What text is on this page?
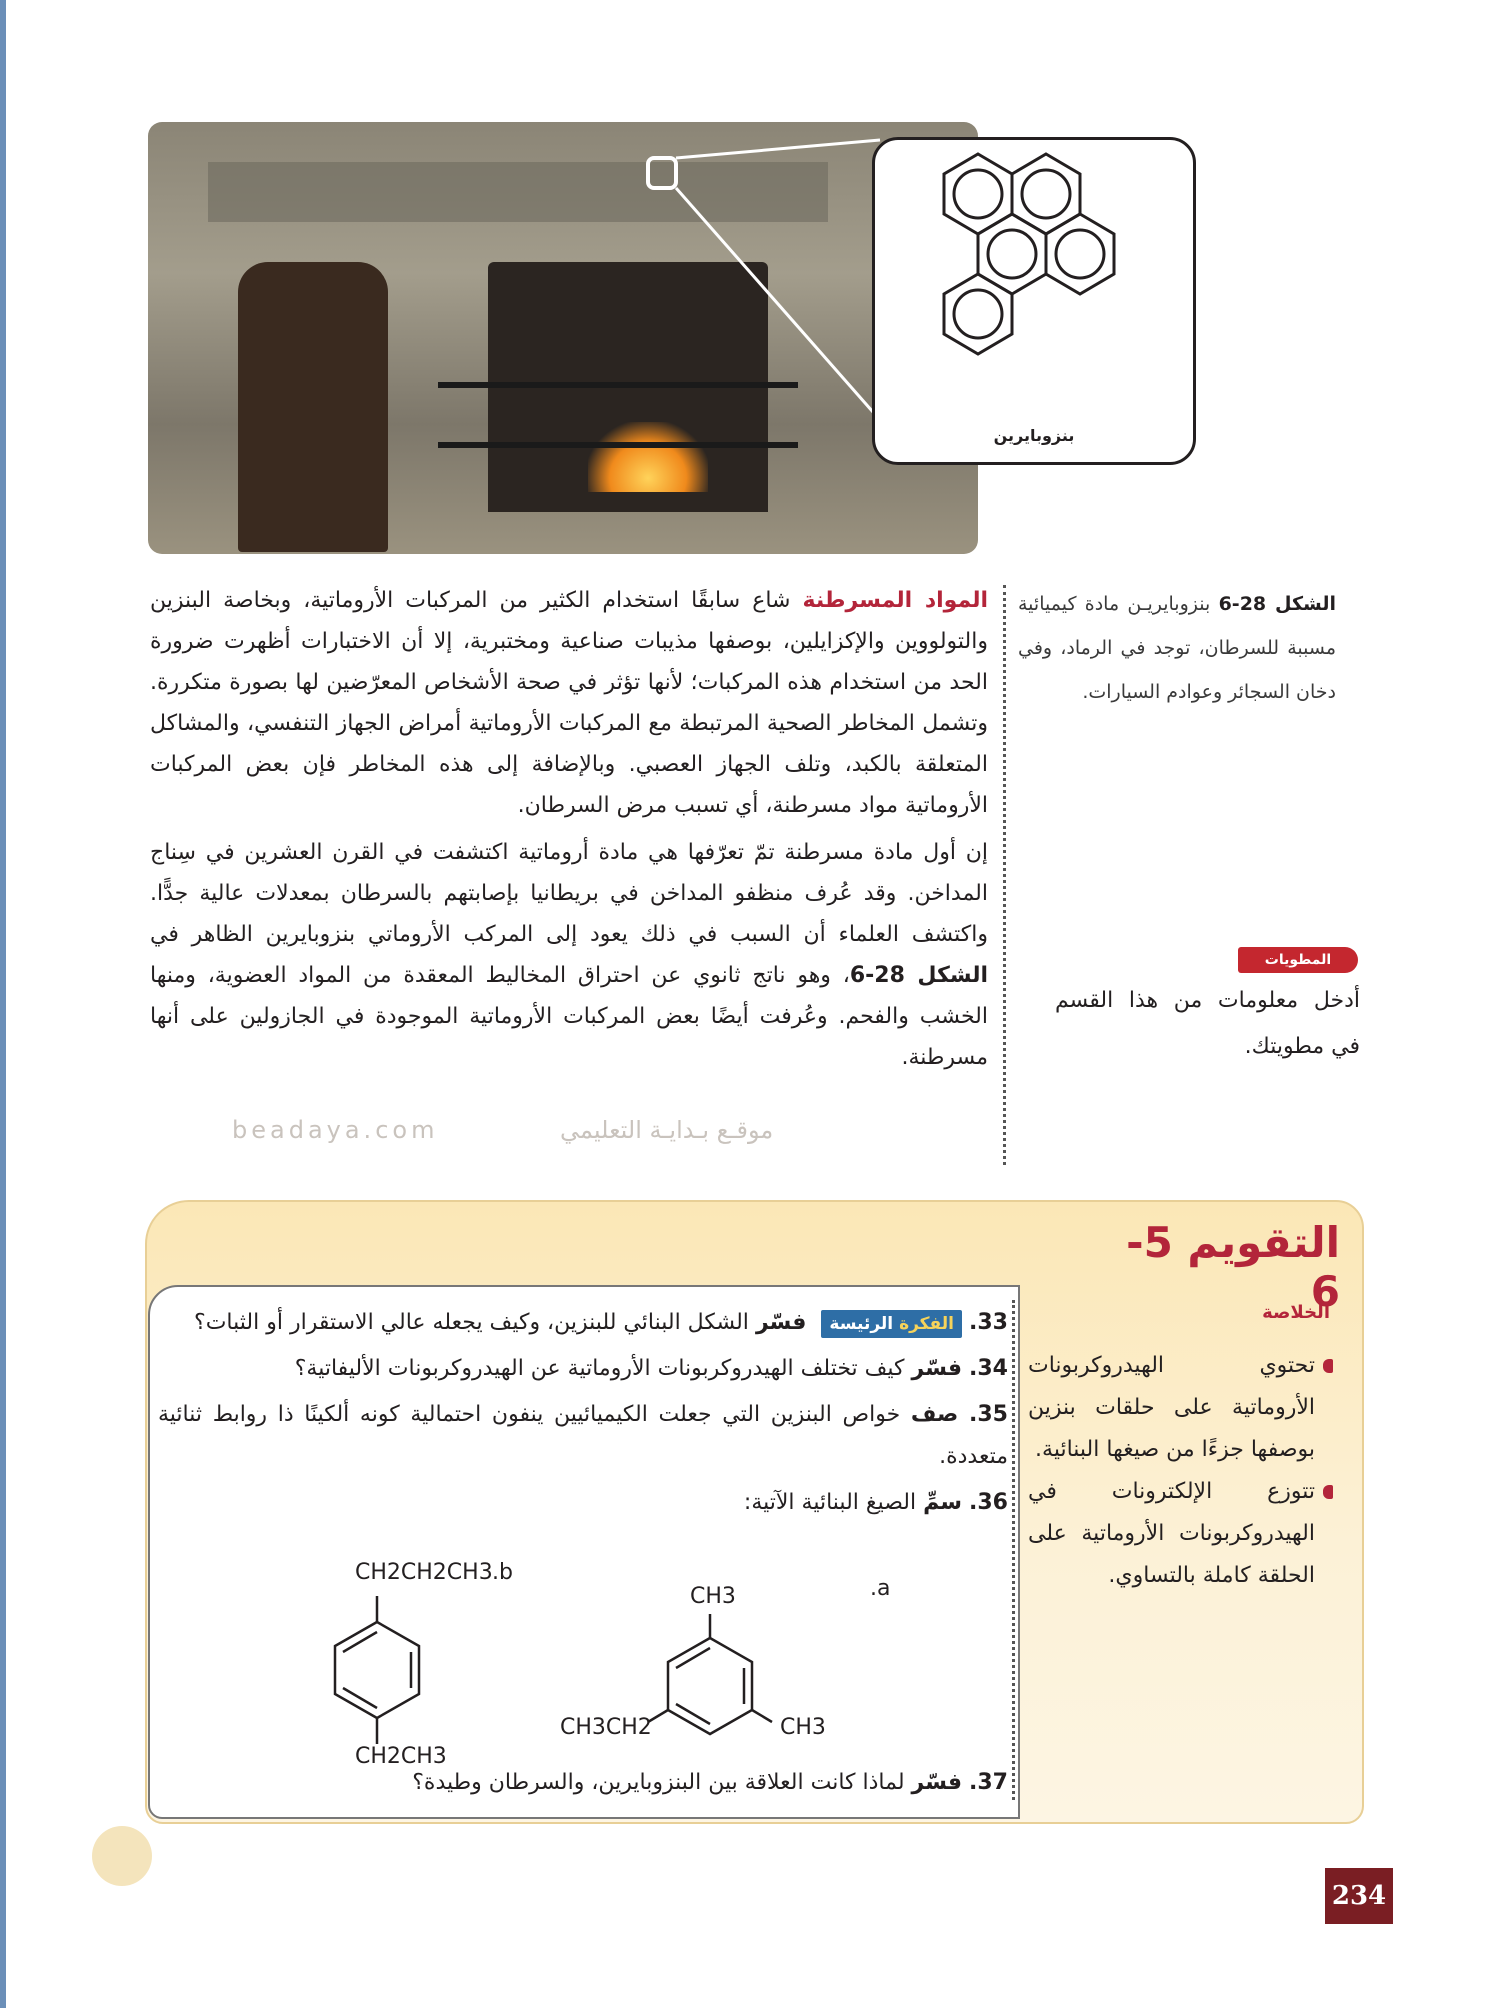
بنزوبايرين
الشكل 28-6 بنزوبايريـن مادة كيميائية مسببة للسرطان، توجد في الرماد، وفي دخان السجائر وعوادم السيارات.

المواد المسرطنة شاع سابقًا استخدام الكثير من المركبات الأروماتية، وبخاصة البنزين والتولووين والإكزايلين، بوصفها مذيبات صناعية ومختبرية، إلا أن الاختبارات أظهرت ضرورة الحد من استخدام هذه المركبات؛ لأنها تؤثر في صحة الأشخاص المعرّضين لها بصورة متكررة. وتشمل المخاطر الصحية المرتبطة مع المركبات الأروماتية أمراض الجهاز التنفسي، والمشاكل المتعلقة بالكبد، وتلف الجهاز العصبي. وبالإضافة إلى هذه المخاطر فإن بعض المركبات الأروماتية مواد مسرطنة، أي تسبب مرض السرطان.

إن أول مادة مسرطنة تمّ تعرّفها هي مادة أروماتية اكتشفت في القرن العشرين في سِناج المداخن. وقد عُرف منظفو المداخن في بريطانيا بإصابتهم بالسرطان بمعدلات عالية جدًّا. واكتشف العلماء أن السبب في ذلك يعود إلى المركب الأروماتي بنزوبايرين الظاهر في الشكل 28-6، وهو ناتج ثانوي عن احتراق المخاليط المعقدة من المواد العضوية، ومنها الخشب والفحم. وعُرفت أيضًا بعض المركبات الأروماتية الموجودة في الجازولين على أنها مسرطنة.

المطويات
أدخل معلومات من هذا القسم في مطويتك.
beadaya.com	موقـع بـدايـة التعليمي
التقويم 5-6
الخلاصة
تحتوي الهيدروكربونات الأروماتية على حلقات بنزين بوصفها جزءًا من صيغها البنائية.
تتوزع الإلكترونات في الهيدروكربونات الأروماتية على الحلقة كاملة بالتساوي.
33. الفكرة الرئيسة فسّر الشكل البنائي للبنزين، وكيف يجعله عالي الاستقرار أو الثبات؟
34. فسّر كيف تختلف الهيدروكربونات الأروماتية عن الهيدروكربونات الأليفاتية؟
35. صف خواص البنزين التي جعلت الكيميائيين ينفون احتمالية كونه ألكينًا ذا روابط ثنائية متعددة.
36. سمِّ الصيغ البنائية الآتية:
.a
CH3
CH3CH2	CH3
CH2CH2CH3 .b
CH2CH3
37. فسّر لماذا كانت العلاقة بين البنزوبايرين، والسرطان وطيدة؟
234
